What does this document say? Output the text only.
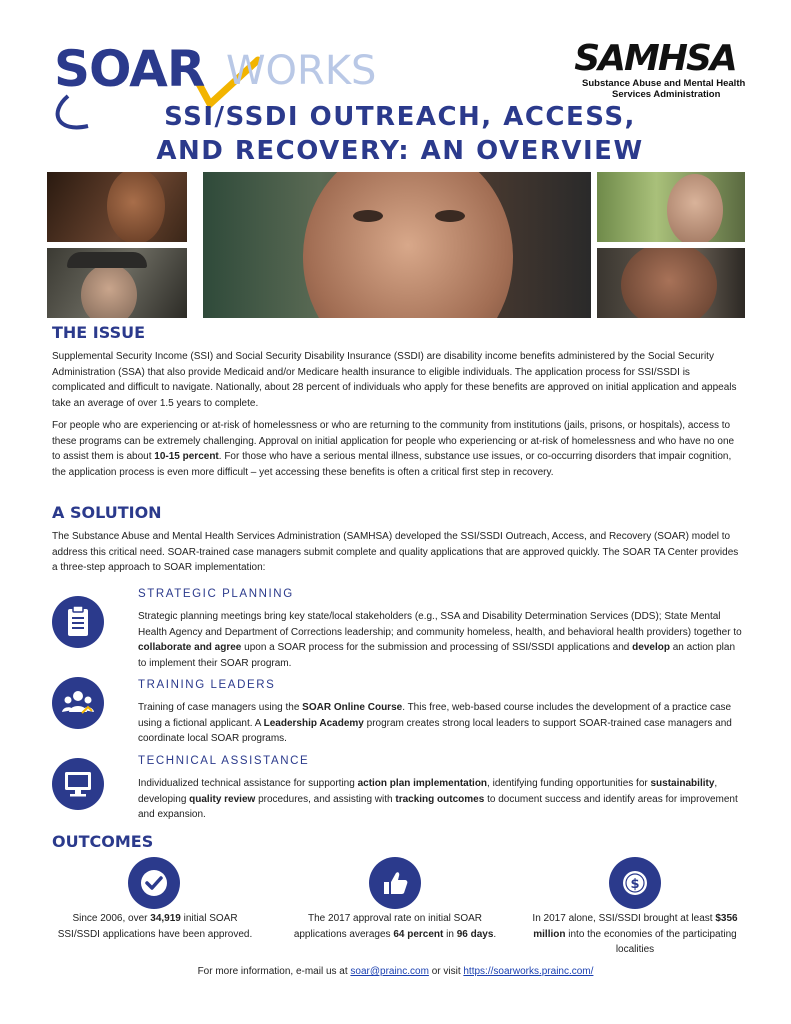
SOAR WORKS	SAMHSA
Substance Abuse and Mental Health
Services Administration
SSI/SSDI OUTREACH, ACCESS,
AND RECOVERY: AN OVERVIEW
THE ISSUE

Supplemental Security Income (SSI) and Social Security Disability Insurance (SSDI) are disability income benefits administered by the Social Security Administration (SSA) that also provide Medicaid and/or Medicare health insurance to eligible individuals. The application process for SSI/SSDI is complicated and difficult to navigate. Nationally, about 28 percent of individuals who apply for these benefits are approved on initial application and appeals take an average of over 1.5 years to complete.

For people who are experiencing or at-risk of homelessness or who are returning to the community from institutions (jails, prisons, or hospitals), access to these programs can be extremely challenging. Approval on initial application for people who experiencing or at-risk of homelessness and who have no one to assist them is about 10-15 percent. For those who have a serious mental illness, substance use issues, or co-occurring disorders that impair cognition, the application process is even more difficult – yet accessing these benefits is often a critical first step in recovery.

A SOLUTION

The Substance Abuse and Mental Health Services Administration (SAMHSA) developed the SSI/SSDI Outreach, Access, and Recovery (SOAR) model to address this critical need. SOAR-trained case managers submit complete and quality applications that are approved quickly. The SOAR TA Center provides a three-step approach to SOAR implementation:

STRATEGIC PLANNING

Strategic planning meetings bring key state/local stakeholders (e.g., SSA and Disability Determination Services (DDS); State Mental Health Agency and Department of Corrections leadership; and community homeless, health, and behavioral health providers) together to collaborate and agree upon a SOAR process for the submission and processing of SSI/SSDI applications and develop an action plan to implement their SOAR program.

TRAINING LEADERS

Training of case managers using the SOAR Online Course. This free, web-based course includes the development of a practice case using a fictional applicant. A Leadership Academy program creates strong local leaders to support SOAR-trained case managers and coordinate local SOAR programs.

TECHNICAL ASSISTANCE

Individualized technical assistance for supporting action plan implementation, identifying funding opportunities for sustainability, developing quality review procedures, and assisting with tracking outcomes to document success and identify areas for improvement and expansion.

OUTCOMES
$

Since 2006, over 34,919 initial SOAR SSI/SSDI applications have been approved.

The 2017 approval rate on initial SOAR applications averages 64 percent in 96 days.

In 2017 alone, SSI/SSDI brought at least $356 million into the economies of the participating localities

For more information, e-mail us at soar@prainc.com or visit https://soarworks.prainc.com/
